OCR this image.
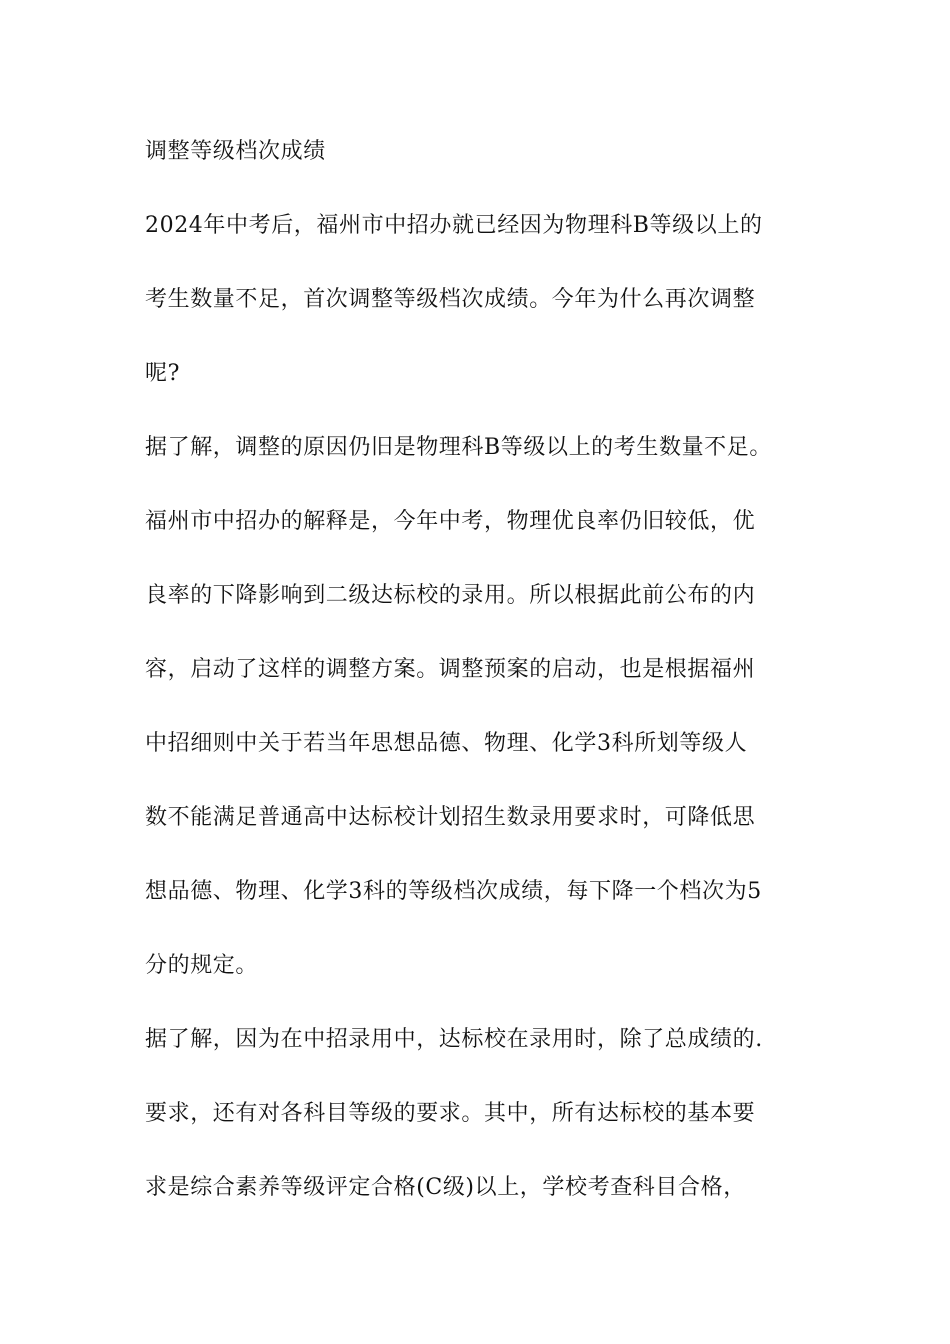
调整等级档次成绩
2024年中考后，福州市中招办就已经因为物理科B等级以上的
考生数量不足，首次调整等级档次成绩。今年为什么再次调整
呢?
据了解，调整的原因仍旧是物理科B等级以上的考生数量不足。
福州市中招办的解释是，今年中考，物理优良率仍旧较低，优
良率的下降影响到二级达标校的录用。所以根据此前公布的内
容，启动了这样的调整方案。调整预案的启动，也是根据福州
中招细则中关于若当年思想品德、物理、化学3科所划等级人
数不能满足普通高中达标校计划招生数录用要求时，可降低思
想品德、物理、化学3科的等级档次成绩，每下降一个档次为5
分的规定。
据了解，因为在中招录用中，达标校在录用时，除了总成绩的.
要求，还有对各科目等级的要求。其中，所有达标校的基本要
求是综合素养等级评定合格(C级)以上，学校考查科目合格，
